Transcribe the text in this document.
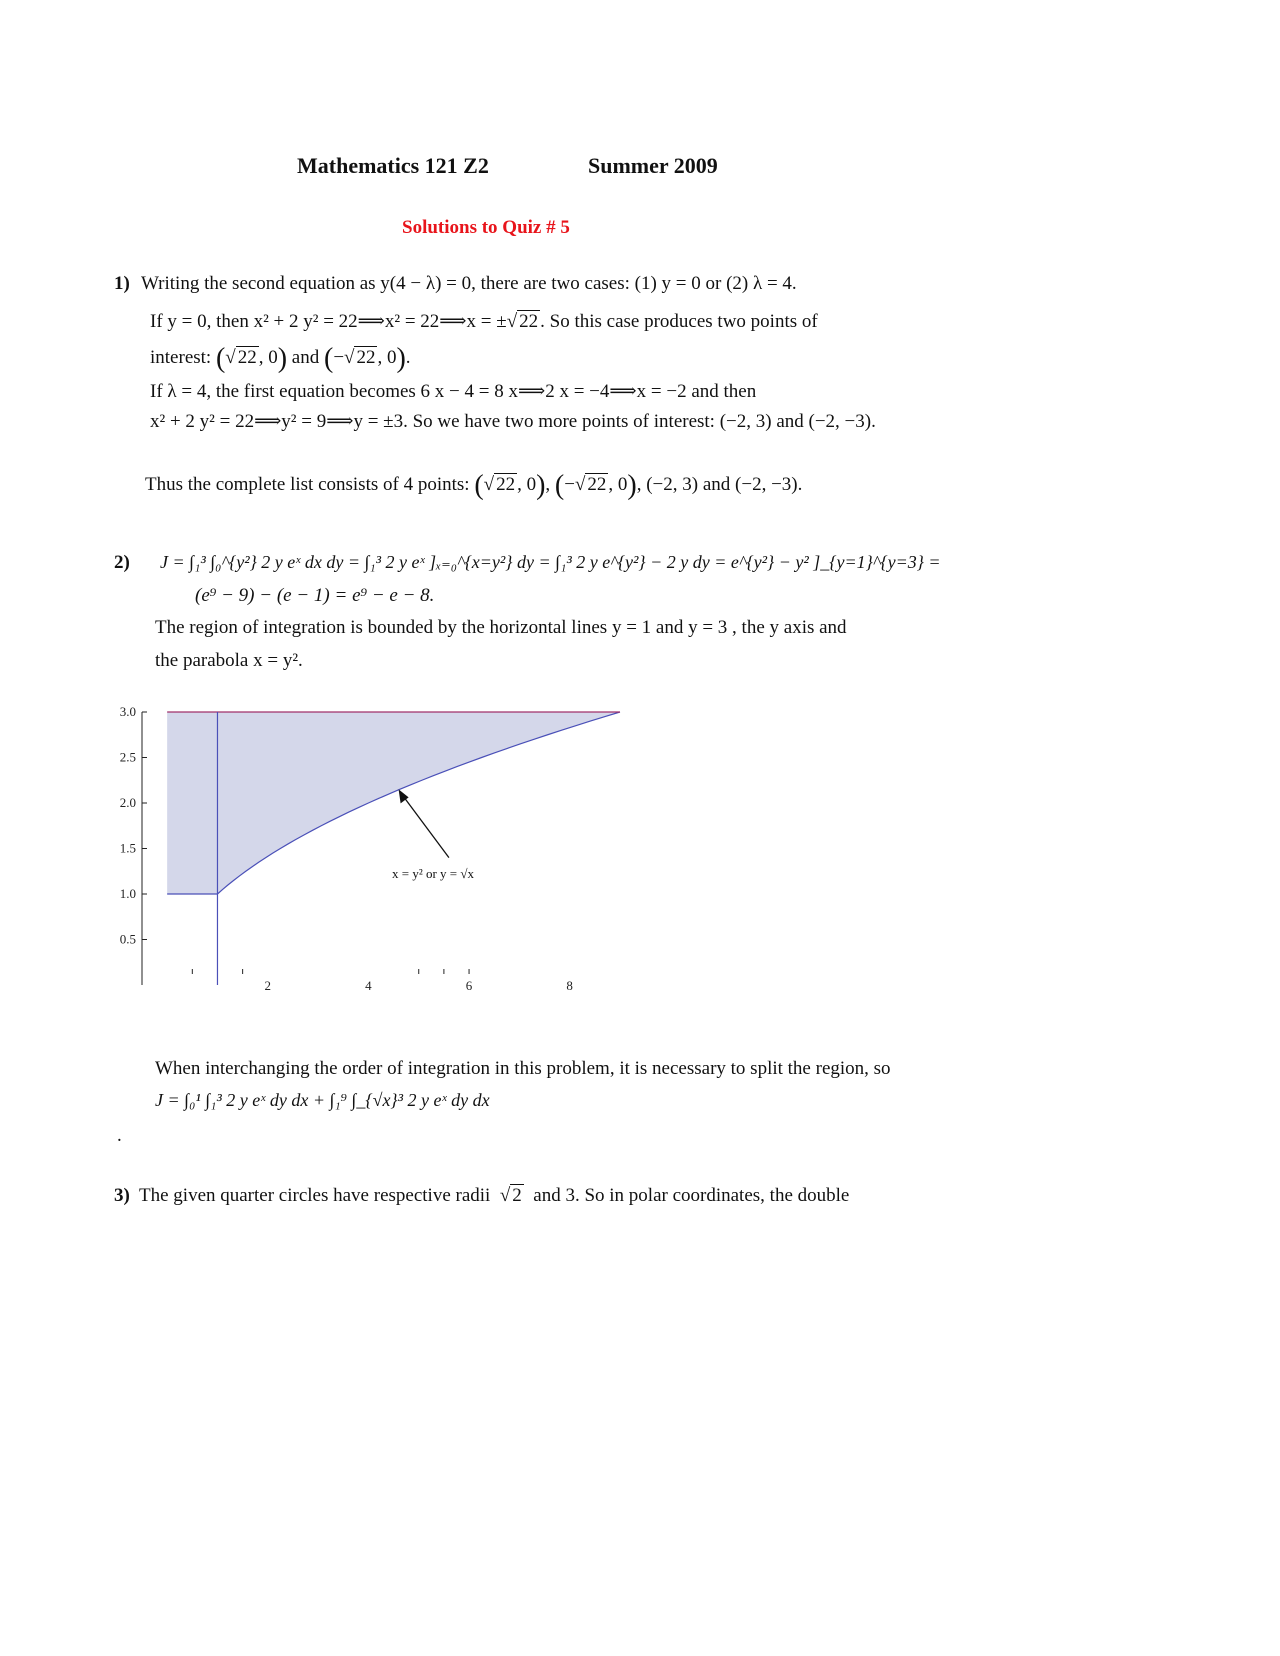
Mathematics 121 Z2	Summer 2009
Solutions to Quiz # 5
1) Writing the second equation as y(4 − λ) = 0, there are two cases: (1) y = 0 or (2) λ = 4.
If y = 0, then x² + 2 y² = 22⟹x² = 22⟹x = ±√ 22 . So this case produces two points of
interest: (√ 22 , 0) and (−√ 22 , 0).
If λ = 4, the first equation becomes 6 x − 4 = 8 x⟹2 x = −4⟹x = −2 and then
x² + 2 y² = 22⟹y² = 9⟹y = ±3. So we have two more points of interest: (−2, 3) and (−2, −3).
Thus the complete list consists of 4 points: (√ 22 , 0), (−√ 22 , 0), (−2, 3) and (−2, −3).
2) J = ∫₁³ ∫₀^{y²} 2 y eˣ dx dy = ∫₁³ 2 y eˣ ]ₓ₌₀^{x=y²} dy = ∫₁³ 2 y e^{y²} − 2 y dy = e^{y²} − y² ]_{y=1}^{y=3} =
(e⁹ − 9) − (e − 1) = e⁹ − e − 8.
The region of integration is bounded by the horizontal lines y = 1 and y = 3 , the y axis and
the parabola x = y².
0.5
1.0
1.5
2.0
2.5
3.0
2	4	6	8
x = y² or y = √x
When interchanging the order of integration in this problem, it is necessary to split the region, so
J = ∫₀¹ ∫₁³ 2 y eˣ dy dx + ∫₁⁹ ∫_{√x}³ 2 y eˣ dy dx
.
3) The given quarter circles have respective radii  √ 2 and 3. So in polar coordinates, the double
